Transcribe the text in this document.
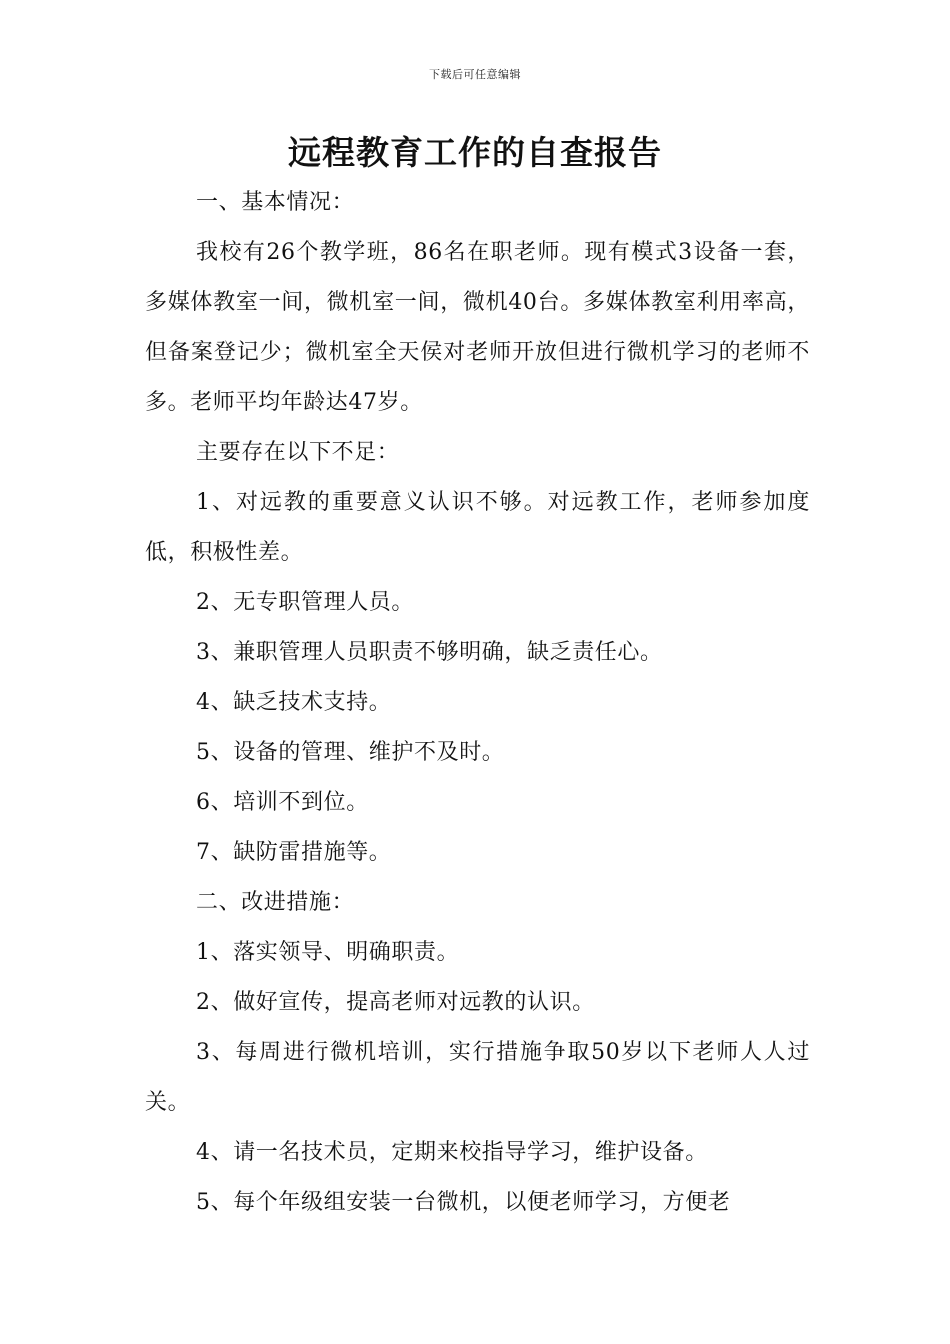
下载后可任意编辑
远程教育工作的自查报告

一、基本情况：

我校有26个教学班，86名在职老师。现有模式3设备一套，多媒体教室一间，微机室一间，微机40台。多媒体教室利用率高，但备案登记少；微机室全天侯对老师开放但进行微机学习的老师不多。老师平均年龄达47岁。

主要存在以下不足：

1、对远教的重要意义认识不够。对远教工作，老师参加度低，积极性差。

2、无专职管理人员。

3、兼职管理人员职责不够明确，缺乏责任心。

4、缺乏技术支持。

5、设备的管理、维护不及时。

6、培训不到位。

7、缺防雷措施等。

二、改进措施：

1、落实领导、明确职责。

2、做好宣传，提高老师对远教的认识。

3、每周进行微机培训，实行措施争取50岁以下老师人人过关。

4、请一名技术员，定期来校指导学习，维护设备。

5、每个年级组安装一台微机，以便老师学习，方便老
